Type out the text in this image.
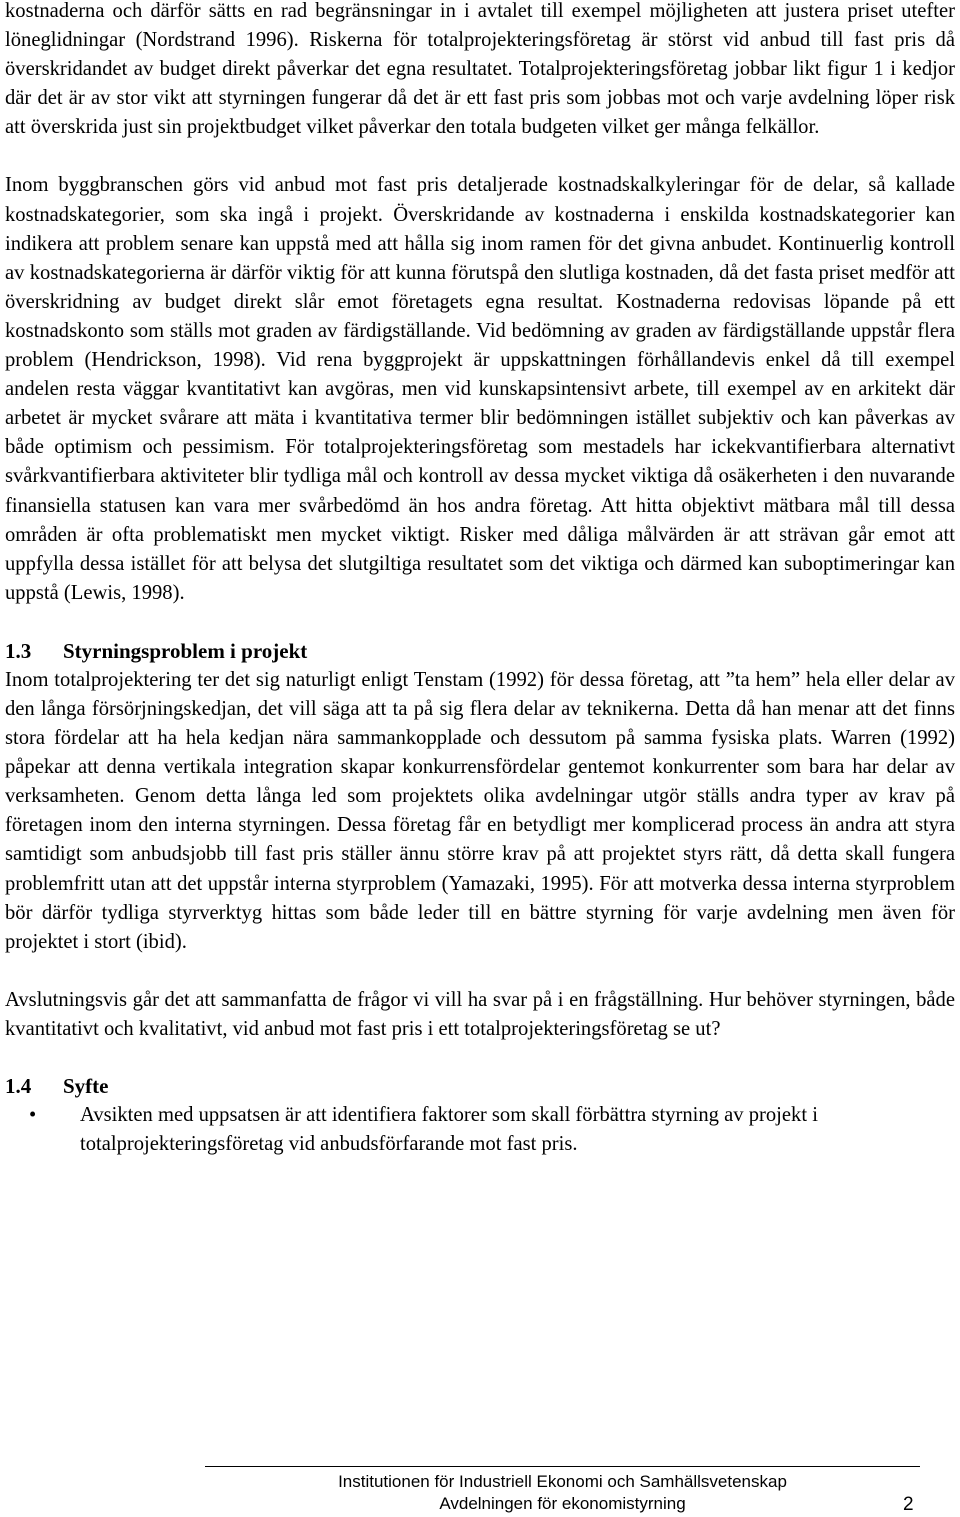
kostnaderna och därför sätts en rad begränsningar in i avtalet till exempel möjligheten att justera priset utefter löneglidningar (Nordstrand 1996). Riskerna för totalprojekteringsföretag är störst vid anbud till fast pris då överskridandet av budget direkt påverkar det egna resultatet. Totalprojekteringsföretag jobbar likt figur 1 i kedjor där det är av stor vikt att styrningen fungerar då det är ett fast pris som jobbas mot och varje avdelning löper risk att överskrida just sin projektbudget vilket påverkar den totala budgeten vilket ger många felkällor.

Inom byggbranschen görs vid anbud mot fast pris detaljerade kostnadskalkyleringar för de delar, så kallade kostnadskategorier, som ska ingå i projekt. Överskridande av kostnaderna i enskilda kostnadskategorier kan indikera att problem senare kan uppstå med att hålla sig inom ramen för det givna anbudet. Kontinuerlig kontroll av kostnadskategorierna är därför viktig för att kunna förutspå den slutliga kostnaden, då det fasta priset medför att överskridning av budget direkt slår emot företagets egna resultat. Kostnaderna redovisas löpande på ett kostnadskonto som ställs mot graden av färdigställande. Vid bedömning av graden av färdigställande uppstår flera problem (Hendrickson, 1998). Vid rena byggprojekt är uppskattningen förhållandevis enkel då till exempel andelen resta väggar kvantitativt kan avgöras, men vid kunskapsintensivt arbete, till exempel av en arkitekt där arbetet är mycket svårare att mäta i kvantitativa termer blir bedömningen istället subjektiv och kan påverkas av både optimism och pessimism. För totalprojekteringsföretag som mestadels har ickekvantifierbara alternativt svårkvantifierbara aktiviteter blir tydliga mål och kontroll av dessa mycket viktiga då osäkerheten i den nuvarande finansiella statusen kan vara mer svårbedömd än hos andra företag. Att hitta objektivt mätbara mål till dessa områden är ofta problematiskt men mycket viktigt. Risker med dåliga målvärden är att strävan går emot att uppfylla dessa istället för att belysa det slutgiltiga resultatet som det viktiga och därmed kan suboptimeringar kan uppstå (Lewis, 1998).

1.3 Styrningsproblem i projekt

Inom totalprojektering ter det sig naturligt enligt Tenstam (1992) för dessa företag, att ”ta hem” hela eller delar av den långa försörjningskedjan, det vill säga att ta på sig flera delar av teknikerna. Detta då han menar att det finns stora fördelar att ha hela kedjan nära sammankopplade och dessutom på samma fysiska plats. Warren (1992) påpekar att denna vertikala integration skapar konkurrensfördelar gentemot konkurrenter som bara har delar av verksamheten. Genom detta långa led som projektets olika avdelningar utgör ställs andra typer av krav på företagen inom den interna styrningen. Dessa företag får en betydligt mer komplicerad process än andra att styra samtidigt som anbudsjobb till fast pris ställer ännu större krav på att projektet styrs rätt, då detta skall fungera problemfritt utan att det uppstår interna styrproblem (Yamazaki, 1995). För att motverka dessa interna styrproblem bör därför tydliga styrverktyg hittas som både leder till en bättre styrning för varje avdelning men även för projektet i stort (ibid).

Avslutningsvis går det att sammanfatta de frågor vi vill ha svar på i en frågställning. Hur behöver styrningen, både kvantitativt och kvalitativt, vid anbud mot fast pris i ett totalprojekteringsföretag se ut?

1.4 Syfte
• Avsikten med uppsatsen är att identifiera faktorer som skall förbättra styrning av projekt i totalprojekteringsföretag vid anbudsförfarande mot fast pris.
Institutionen för Industriell Ekonomi och Samhällsvetenskap
Avdelningen för ekonomistyrning	2
